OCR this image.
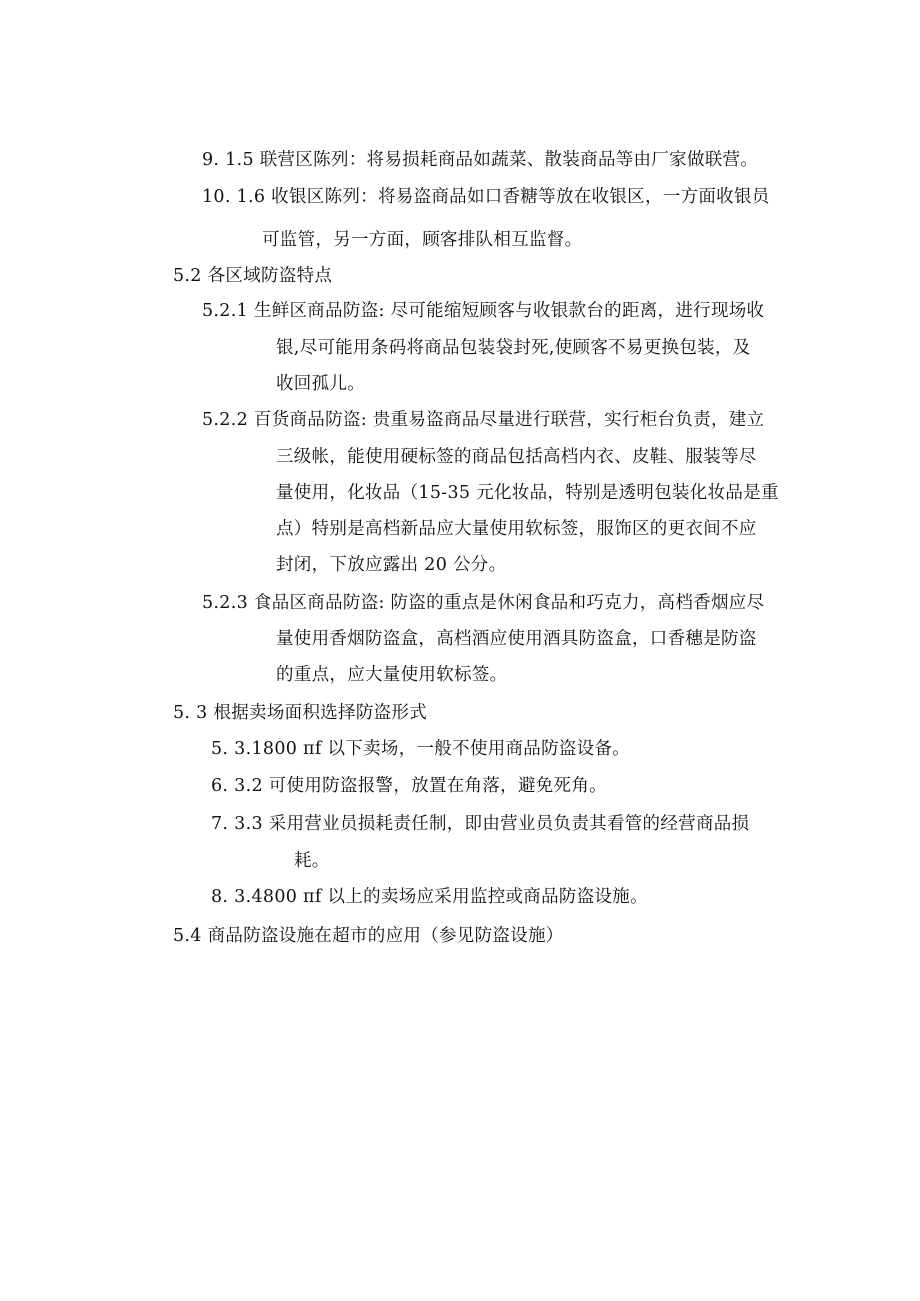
9. 1.5 联营区陈列：将易损耗商品如蔬菜、散装商品等由厂家做联营。

10. 1.6 收银区陈列：将易盗商品如口香糖等放在收银区，一方面收银员

可监管，另一方面，顾客排队相互监督。

5.2 各区域防盗特点

5.2.1 生鲜区商品防盗: 尽可能缩短顾客与收银款台的距离，进行现场收

银,尽可能用条码将商品包装袋封死,使顾客不易更换包装，及

收回孤儿。

5.2.2 百货商品防盗: 贵重易盗商品尽量进行联营，实行柜台负责，建立

三级帐，能使用硬标签的商品包括高档内衣、皮鞋、服装等尽

量使用，化妆品（15-35 元化妆品，特别是透明包装化妆品是重

点）特别是高档新品应大量使用软标签，服饰区的更衣间不应

封闭，下放应露出 20 公分。

5.2.3 食品区商品防盗: 防盗的重点是休闲食品和巧克力，高档香烟应尽

量使用香烟防盗盒，高档酒应使用酒具防盗盒，口香穗是防盗

的重点，应大量使用软标签。

5. 3 根据卖场面积选择防盗形式

5. 3.1800 πf 以下卖场，一般不使用商品防盗设备。

6. 3.2 可使用防盗报警，放置在角落，避免死角。

7. 3.3 采用营业员损耗责任制，即由营业员负责其看管的经营商品损

耗。

8. 3.4800 πf 以上的卖场应采用监控或商品防盗设施。

5.4 商品防盗设施在超市的应用（参见防盗设施）
